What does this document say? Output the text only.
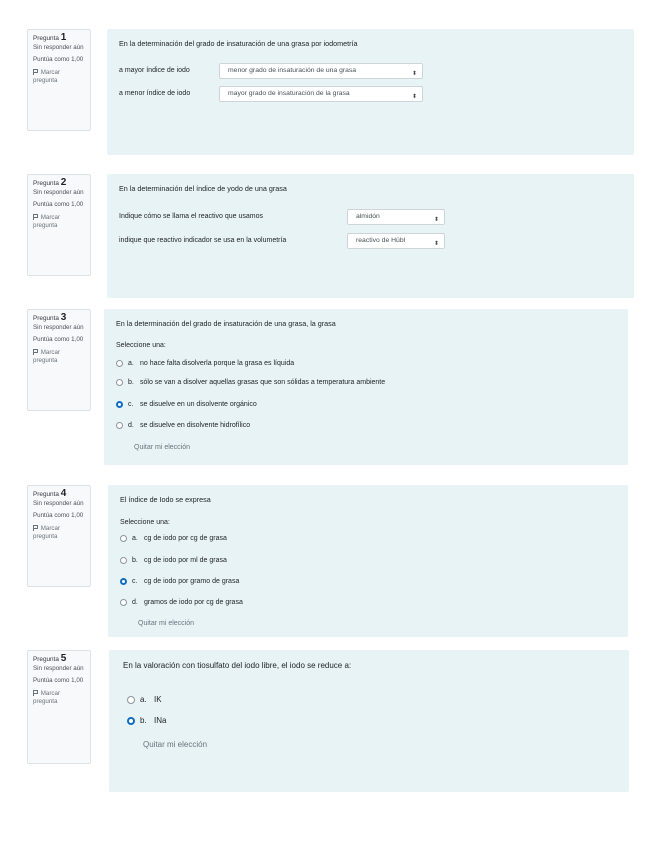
Pregunta 1
Sin responder aún
Puntúa como 1,00
Marcar pregunta
En la determinación del grado de insaturación de una grasa por iodometría
a mayor índice de iodo	menor grado de insaturación de una grasa	⬍
a menor índice de iodo	mayor grado de insaturación de la grasa	⬍
Pregunta 2
Sin responder aún
Puntúa como 1,00
Marcar pregunta
En la determinación del índice de yodo de una grasa
Indique cómo se llama el reactivo que usamos	almidón	⬍
indique que reactivo indicador se usa en la volumetría	reactivo de Hübl	⬍
Pregunta 3
Sin responder aún
Puntúa como 1,00
Marcar pregunta
En la determinación del grado de insaturación de una grasa, la grasa
Seleccione una:
a. no hace falta disolverla porque la grasa es líquida
b. sólo se van a disolver aquellas grasas que son sólidas a temperatura ambiente
c. se disuelve en un disolvente orgánico
d. se disuelve en disolvente hidrofílico
Quitar mi elección
Pregunta 4
Sin responder aún
Puntúa como 1,00
Marcar pregunta
El índice de Iodo se expresa
Seleccione una:
a. cg de iodo por cg de grasa
b. cg de iodo por ml de grasa
c. cg de iodo por gramo de grasa
d. gramos de iodo por cg de grasa
Quitar mi elección
Pregunta 5
Sin responder aún
Puntúa como 1,00
Marcar pregunta
En la valoración con tiosulfato del iodo libre, el iodo se reduce a:
a. IK
b. INa
Quitar mi elección
